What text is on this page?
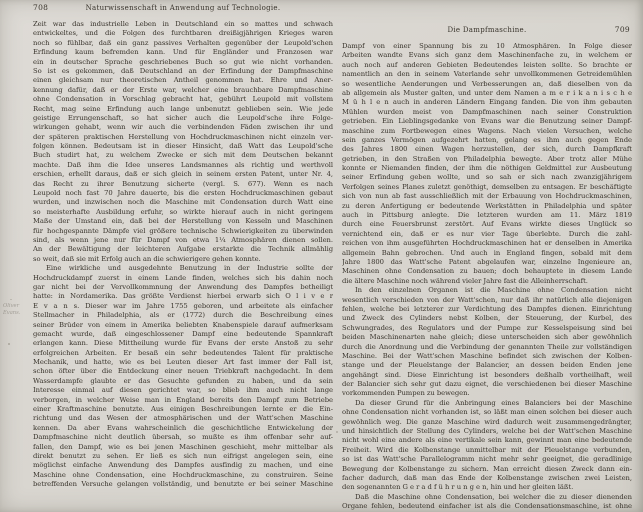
Oliver
Evans.
708	Naturwissenschaft in Anwendung auf Technologie.
Zeit war das industrielle Leben in Deutschland ein so mattes und schwach
entwickeltes, und die Folgen des furchtbaren dreißigjährigen Krieges waren
noch so fühlbar, daß ein ganz passives Verhalten gegenüber der Leupold'schen
Erfindung kaum befremden kann. Und für Engländer und Franzosen war
ein in deutscher Sprache geschriebenes Buch so gut wie nicht vorhanden.
So ist es gekommen, daß Deutschland an der Erfindung der Dampfmaschine
einen gleichsam nur theoretischen Antheil genommen hat. Ehre und Aner-
kennung dafür, daß er der Erste war, welcher eine brauchbare Dampfmaschine
ohne Condensation in Vorschlag gebracht hat, gebührt Leupold mit vollstem
Recht, mag seine Erfindung auch lange unbenutzt geblieben sein. Wie jede
geistige Errungenschaft, so hat sicher auch die Leupold'sche ihre Folge-
wirkungen gehabt, wenn wir auch die verbindenden Fäden zwischen ihr und
der späteren praktischen Herstellung von Hochdruckmaschinen nicht einzeln ver-
folgen können. Bedeutsam ist in dieser Hinsicht, daß Watt das Leupold'sche
Buch studirt hat, zu welchem Zwecke er sich mit dem Deutschen bekannt
machte. Daß ihm die Idee unseres Landsmannes als richtig und werthvoll
erschien, erhellt daraus, daß er sich gleich in seinem ersten Patent, unter Nr. 4,
das Recht zu ihrer Benutzung sicherte (vergl. S. 677). Wenn es nach
Leupold noch fast 70 Jahre dauerte, bis die ersten Hochdruckmaschinen gebaut
wurden, und inzwischen noch die Maschine mit Condensation durch Watt eine
so meisterhafte Ausbildung erfuhr, so wirkte hierauf auch in nicht geringem
Maße der Umstand ein, daß bei der Herstellung von Kesseln und Maschinen
für hochgespannte Dämpfe viel größere technische Schwierigkeiten zu überwinden
sind, als wenn jene nur für Dampf von etwa 1¼ Atmosphären dienen sollen.
An der Bewältigung der leichteren Aufgabe erstarkte die Technik allmählig
so weit, daß sie mit Erfolg auch an die schwierigere gehen konnte.
Eine wirkliche und ausgedehnte Benutzung in der Industrie sollte der
Hochdruckdampf zuerst in einem Lande finden, welches sich bis dahin noch
gar nicht bei der Vervollkommnung der Anwendung des Dampfes betheiligt
hatte: in Nordamerika. Das größte Verdienst hierbei erwarb sich O l i v e r
E v a n s. Dieser war im Jahre 1755 geboren, und arbeitete als einfacher
Stellmacher in Philadelphia, als er (1772) durch die Beschreibung eines
seiner Brüder von einem in Amerika beliebten Knabenspiele darauf aufmerksam
gemacht wurde, daß eingeschlossener Dampf eine bedeutende Spannkraft
erlangen kann. Diese Mittheilung wurde für Evans der erste Anstoß zu sehr
erfolgreichen Arbeiten. Er besaß ein sehr bedeutendes Talent für praktische
Mechanik, und hatte, wie es bei Leuten dieser Art fast immer der Fall ist,
schon öfter über die Entdeckung einer neuen Triebkraft nachgedacht. In dem
Wasserdampfe glaubte er das Gesuchte gefunden zu haben, und da sein
Interesse einmal auf diesen gerichtet war, so blieb ihm auch nicht lange
verborgen, in welcher Weise man in England bereits den Dampf zum Betriebe
einer Kraftmaschine benutzte. Aus einigen Beschreibungen lernte er die Ein-
richtung und das Wesen der atmosphärischen und der Watt'schen Maschine
kennen. Da aber Evans wahrscheinlich die geschichtliche Entwickelung der
Dampfmaschine nicht deutlich übersah, so mußte es ihm offenbar sehr auf-
fallen, den Dampf, wie es bei jenen Maschinen geschieht, mehr mittelbar als
direkt benutzt zu sehen. Er ließ es sich nun eifrigst angelegen sein, eine
möglichst einfache Anwendung des Dampfes ausfindig zu machen, und eine
Maschine ohne Condensation, eine Hochdruckmaschine, zu construiren. Seine
betreffenden Versuche gelangen vollständig, und benutzte er bei seiner Maschine
Die Dampfmaschine.	709
Dampf von einer Spannung bis zu 10 Atmosphären. In Folge dieser
Arbeiten wandte Evans sich ganz dem Maschinenfache zu, in welchem er
auch noch auf anderen Gebieten Bedeutendes leisten sollte. So brachte er
namentlich an den in seinem Vaterlande sehr unvollkommenen Getreidemühlen
so wesentliche Aenderungen und Verbesserungen an, daß dieselben von da
ab allgemein als Muster galten, und unter dem Namen a m e r i k a n i s c h e
M ü h l e n auch in anderen Ländern Eingang fanden. Die von ihm gebauten
Mühlen wurden meist von Dampfmaschinen nach seiner Construktion
getrieben. Ein Lieblingsgedanke von Evans war die Benutzung seiner Dampf-
maschine zum Fortbewegen eines Wagens. Nach vielen Versuchen, welche
sein ganzes Vermögen aufgezehrt hatten, gelang es ihm auch gegen Ende
des Jahres 1800 einen Wagen herzustellen, der sich, durch Dampfkraft
getrieben, in den Straßen von Philadelphia bewegte. Aber trotz aller Mühe
konnte er Niemanden finden, der ihm die nöthigen Geldmittel zur Ausbeutung
seiner Erfindung geben wollte, und so sah er sich nach zwanzigjährigem
Verfolgen seines Planes zuletzt genöthigt, demselben zu entsagen. Er beschäftigte
sich von nun ab fast ausschließlich mit der Erbauung von Hochdruckmaschinen,
zu deren Anfertigung er bedeutende Werkstätten in Philadelphia und später
auch in Pittsburg anlegte. Die letzteren wurden am 11. März 1819
durch eine Feuersbrunst zerstört. Auf Evans wirkte dieses Unglück so
vernichtend ein, daß er es nur vier Tage überlebte. Durch die zahl-
reichen von ihm ausgeführten Hochdruckmaschinen hat er denselben in Amerika
allgemein Bahn gebrochen. Und auch in England fingen, sobald mit dem
Jahre 1800 das Watt'sche Patent abgelaufen war, einzelne Ingenieure an,
Maschinen ohne Condensation zu bauen; doch behauptete in diesem Lande
die ältere Maschine noch während vieler Jahre fast die Alleinherrschaft.
In den einzelnen Organen ist die Maschine ohne Condensation nicht
wesentlich verschieden von der Watt'schen, nur daß ihr natürlich alle diejenigen
fehlen, welche bei letzterer zur Verdichtung des Dampfes dienen. Einrichtung
und Zweck des Cylinders nebst Kolben, der Steuerung, der Kurbel, des
Schwungrades, des Regulators und der Pumpe zur Kesselspeisung sind bei
beiden Maschinenarten nahe gleich; diese unterscheiden sich aber gewöhnlich
durch die Anordnung und die Verbindung der genannten Theile zur vollständigen
Maschine. Bei der Watt'schen Maschine befindet sich zwischen der Kolben-
stange und der Pleuelstange der Balancier, an dessen beiden Enden jene
angehängt sind. Diese Einrichtung ist besonders deßhalb vortheilhaft, weil
der Balancier sich sehr gut dazu eignet, die verschiedenen bei dieser Maschine
vorkommenden Pumpen zu bewegen.
Da dieser Grund für die Anbringung eines Balanciers bei der Maschine
ohne Condensation nicht vorhanden ist, so läßt man einen solchen bei dieser auch
gewöhnlich weg. Die ganze Maschine wird dadurch weit zusammengedrängter,
und hinsichtlich der Stellung des Cylinders, welche bei der Watt'schen Maschine
nicht wohl eine andere als eine vertikale sein kann, gewinnt man eine bedeutende
Freiheit. Wird die Kolbenstange unmittelbar mit der Pleuelstange verbunden,
so ist das Watt'sche Parallelogramm nicht mehr sehr geeignet, die geradlinige
Bewegung der Kolbenstange zu sichern. Man erreicht diesen Zweck dann ein-
facher dadurch, daß man das Ende der Kolbenstange zwischen zwei Leisten,
den sogenannten G e r a d f ü h r u n g e n, hin und her gleiten läßt.
Daß die Maschine ohne Condensation, bei welcher die zu dieser dienenden
Organe fehlen, bedeutend einfacher ist als die Condensationsmaschine, ist ohne
